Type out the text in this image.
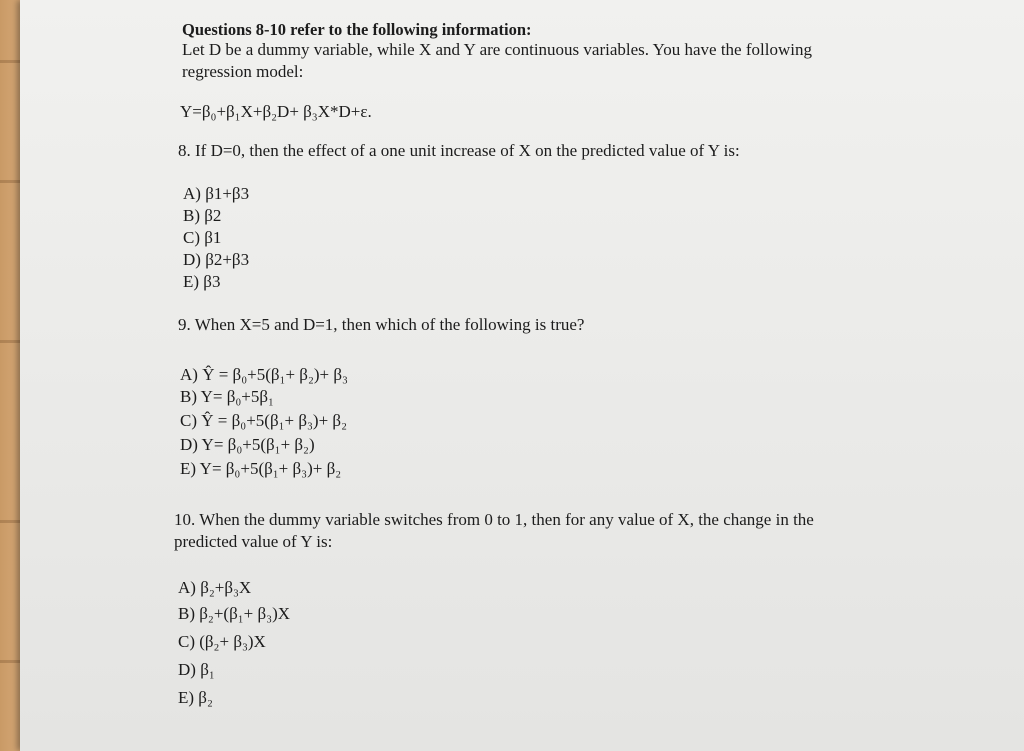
Questions 8-10 refer to the following information:
Let D be a dummy variable, while X and Y are continuous variables. You have the following
regression model:
Y=β₀+β₁X+β₂D+ β₃X*D+ε.
8. If D=0, then the effect of a one unit increase of X on the predicted value of Y is:
A) β1+β3
B) β2
C) β1
D) β2+β3
E) β3
9. When X=5 and D=1, then which of the following is true?
A) Ŷ = β₀+5(β₁+ β₂)+ β₃
B) Y= β₀+5β₁
C) Ŷ = β₀+5(β₁+ β₃)+ β₂
D) Y= β₀+5(β₁+ β₂)
E) Y= β₀+5(β₁+ β₃)+ β₂
10. When the dummy variable switches from 0 to 1, then for any value of X, the change in the
predicted value of Y is:
A) β₂+β₃X
B) β₂+(β₁+ β₃)X
C) (β₂+ β₃)X
D) β₁
E) β₂
